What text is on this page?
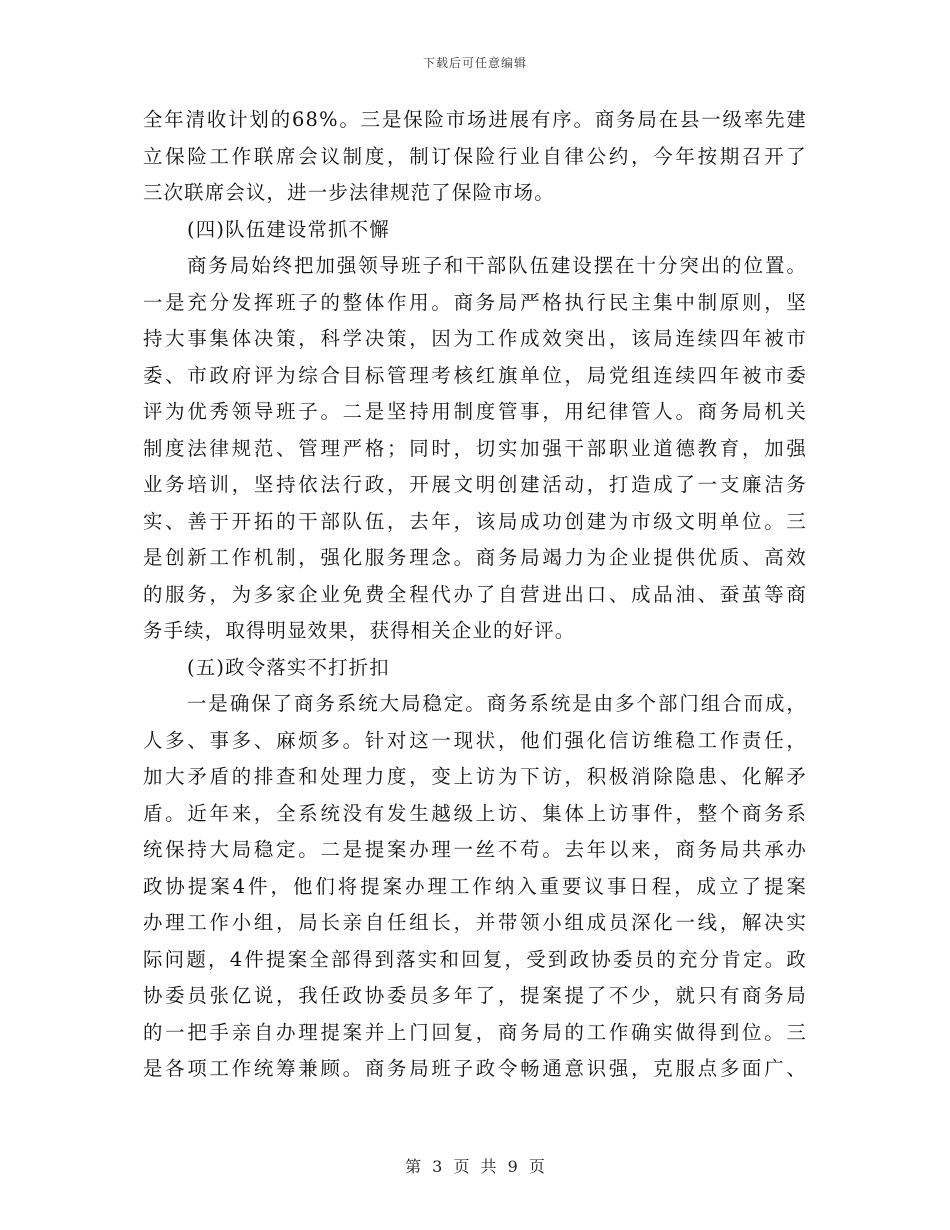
下载后可任意编辑
全年清收计划的68%。三是保险市场进展有序。商务局在县一级率先建
立保险工作联席会议制度，制订保险行业自律公约，今年按期召开了
三次联席会议，进一步法律规范了保险市场。
(四)队伍建设常抓不懈
商务局始终把加强领导班子和干部队伍建设摆在十分突出的位置。
一是充分发挥班子的整体作用。商务局严格执行民主集中制原则，坚
持大事集体决策，科学决策，因为工作成效突出，该局连续四年被市
委、市政府评为综合目标管理考核红旗单位，局党组连续四年被市委
评为优秀领导班子。二是坚持用制度管事，用纪律管人。商务局机关
制度法律规范、管理严格；同时，切实加强干部职业道德教育，加强
业务培训，坚持依法行政，开展文明创建活动，打造成了一支廉洁务
实、善于开拓的干部队伍，去年，该局成功创建为市级文明单位。三
是创新工作机制，强化服务理念。商务局竭力为企业提供优质、高效
的服务，为多家企业免费全程代办了自营进出口、成品油、蚕茧等商
务手续，取得明显效果，获得相关企业的好评。
(五)政令落实不打折扣
一是确保了商务系统大局稳定。商务系统是由多个部门组合而成，
人多、事多、麻烦多。针对这一现状，他们强化信访维稳工作责任，
加大矛盾的排查和处理力度，变上访为下访，积极消除隐患、化解矛
盾。近年来，全系统没有发生越级上访、集体上访事件，整个商务系
统保持大局稳定。二是提案办理一丝不苟。去年以来，商务局共承办
政协提案4件，他们将提案办理工作纳入重要议事日程，成立了提案
办理工作小组，局长亲自任组长，并带领小组成员深化一线，解决实
际问题，4件提案全部得到落实和回复，受到政协委员的充分肯定。政
协委员张亿说，我任政协委员多年了，提案提了不少，就只有商务局
的一把手亲自办理提案并上门回复，商务局的工作确实做得到位。三
是各项工作统筹兼顾。商务局班子政令畅通意识强，克服点多面广、
第 3 页 共 9 页
